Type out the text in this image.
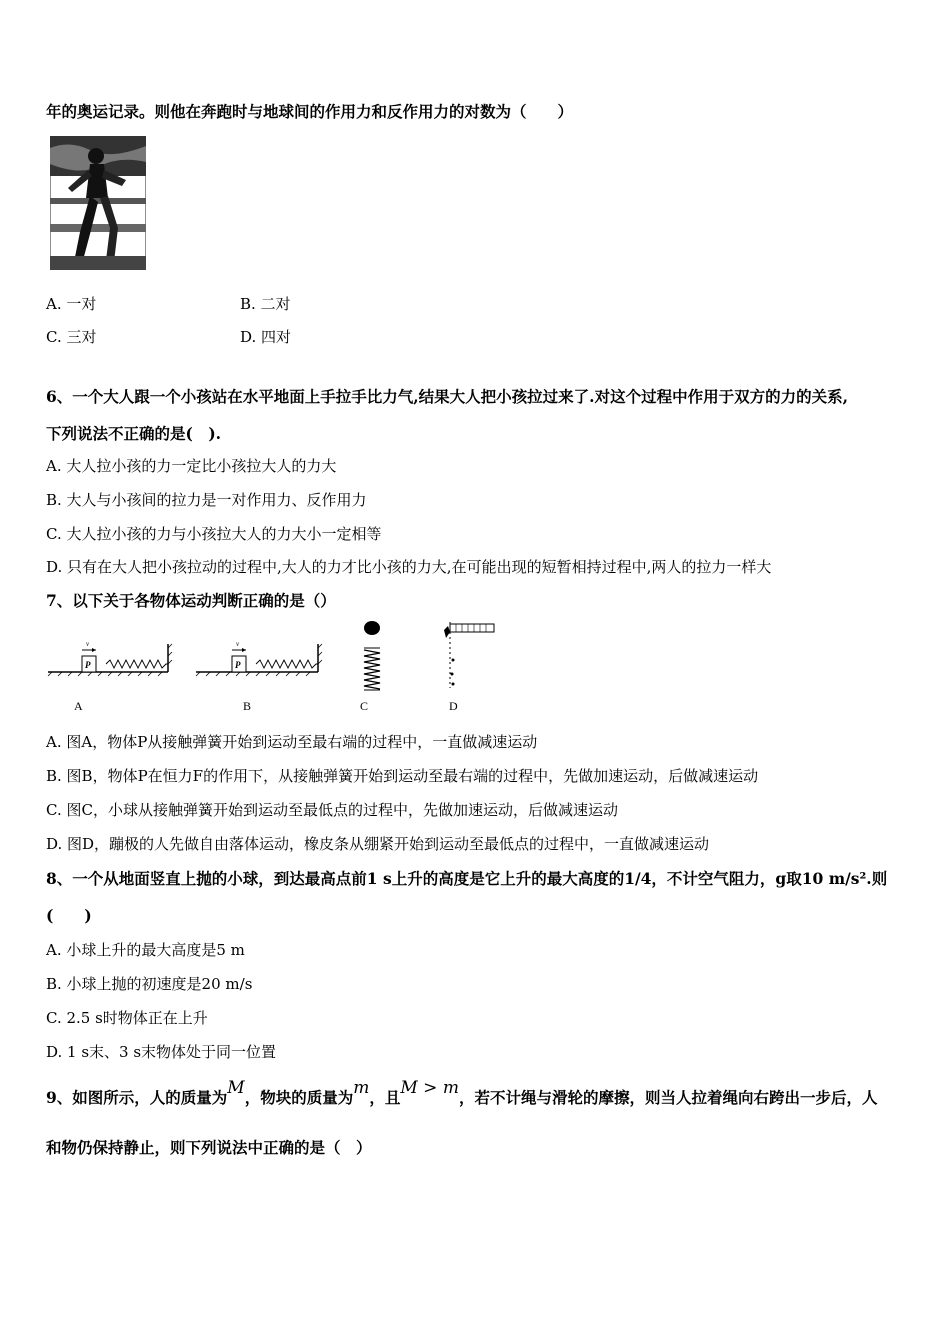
年的奥运记录。则他在奔跑时与地球间的作用力和反作用力的对数为（　　）
A. 一对	B. 二对
C. 三对	D. 四对
6、一个大人跟一个小孩站在水平地面上手拉手比力气,结果大人把小孩拉过来了.对这个过程中作用于双方的力的关系,
下列说法不正确的是(　).
A. 大人拉小孩的力一定比小孩拉大人的力大
B. 大人与小孩间的拉力是一对作用力、反作用力
C. 大人拉小孩的力与小孩拉大人的力大小一定相等
D. 只有在大人把小孩拉动的过程中,大人的力才比小孩的力大,在可能出现的短暂相持过程中,两人的拉力一样大
7、以下关于各物体运动判断正确的是（）
P
v
A
P
v
B	C	D
A. 图A，物体P从接触弹簧开始到运动至最右端的过程中，一直做减速运动
B. 图B，物体P在恒力F的作用下，从接触弹簧开始到运动至最右端的过程中，先做加速运动，后做减速运动
C. 图C，小球从接触弹簧开始到运动至最低点的过程中，先做加速运动，后做减速运动
D. 图D，蹦极的人先做自由落体运动，橡皮条从绷紧开始到运动至最低点的过程中，一直做减速运动
8、一个从地面竖直上抛的小球，到达最高点前1 s上升的高度是它上升的最大高度的1/4，不计空气阻力，g取10 m/s².则
(　　)
A. 小球上升的最大高度是5 m
B. 小球上抛的初速度是20 m/s
C. 2.5 s时物体正在上升
D. 1 s末、3 s末物体处于同一位置
9、如图所示，人的质量为M，物块的质量为m，且M > m，若不计绳与滑轮的摩擦，则当人拉着绳向右跨出一步后，人
和物仍保持静止，则下列说法中正确的是（　）
